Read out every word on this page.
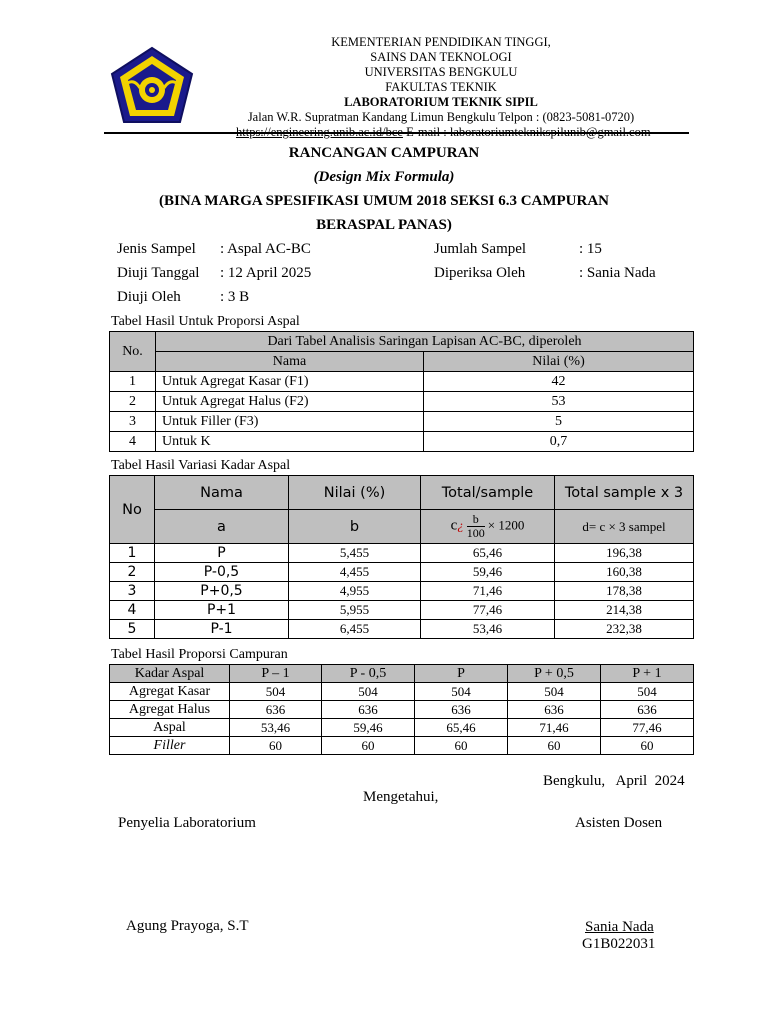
KEMENTERIAN PENDIDIKAN TINGGI,
SAINS DAN TEKNOLOGI
UNIVERSITAS BENGKULU
FAKULTAS TEKNIK
LABORATORIUM TEKNIK SIPIL
Jalan W.R. Supratman Kandang Limun Bengkulu Telpon : (0823-5081-0720)
https://engineering.unib.ac.id/bce E-mail : laboratoriumteknikspilunib@gmail.com
RANCANGAN CAMPURAN
(Design Mix Formula)
(BINA MARGA SPESIFIKASI UMUM 2018 SEKSI 6.3 CAMPURAN
BERASPAL PANAS)
Jenis Sampel : Aspal AC-BC	Jumlah Sampel	: 15
Diuji Tanggal : 12 April 2025	Diperiksa Oleh	: Sania Nada
Diuji Oleh	: 3 B
Tabel Hasil Untuk Proporsi Aspal
No.	Dari Tabel Analisis Saringan Lapisan AC-BC, diperoleh	
	Nama	Nilai (%)
1	Untuk Agregat Kasar (F1)	42
2	Untuk Agregat Halus (F2)	53
3	Untuk Filler (F3)	5
4	Untuk K	0,7
Tabel Hasil Variasi Kadar Aspal
No	Nama	Nilai (%)	Total/sample	Total sample x 3
	a	b	c¿ $\frac{b}{100} \times 1200$	d= c × 3 sampel
1	P	5,455	65,46	196,38
2	P-0,5	4,455	59,46	160,38
3	P+0,5	4,955	71,46	178,38
4	P+1	5,955	77,46	214,38
5	P-1	6,455	53,46	232,38
Tabel Hasil Proporsi Campuran
Kadar Aspal	P – 1	P - 0,5	P	P + 0,5	P + 1
Agregat Kasar	504	504	504	504	504
Agregat Halus	636	636	636	636	636
Aspal	53,46	59,46	65,46	71,46	77,46
Filler	60	60	60	60	60
Bengkulu,   April  2024
Mengetahui,
Penyelia Laboratorium	Asisten Dosen
Agung Prayoga, S.T	Sania Nada
G1B022031
